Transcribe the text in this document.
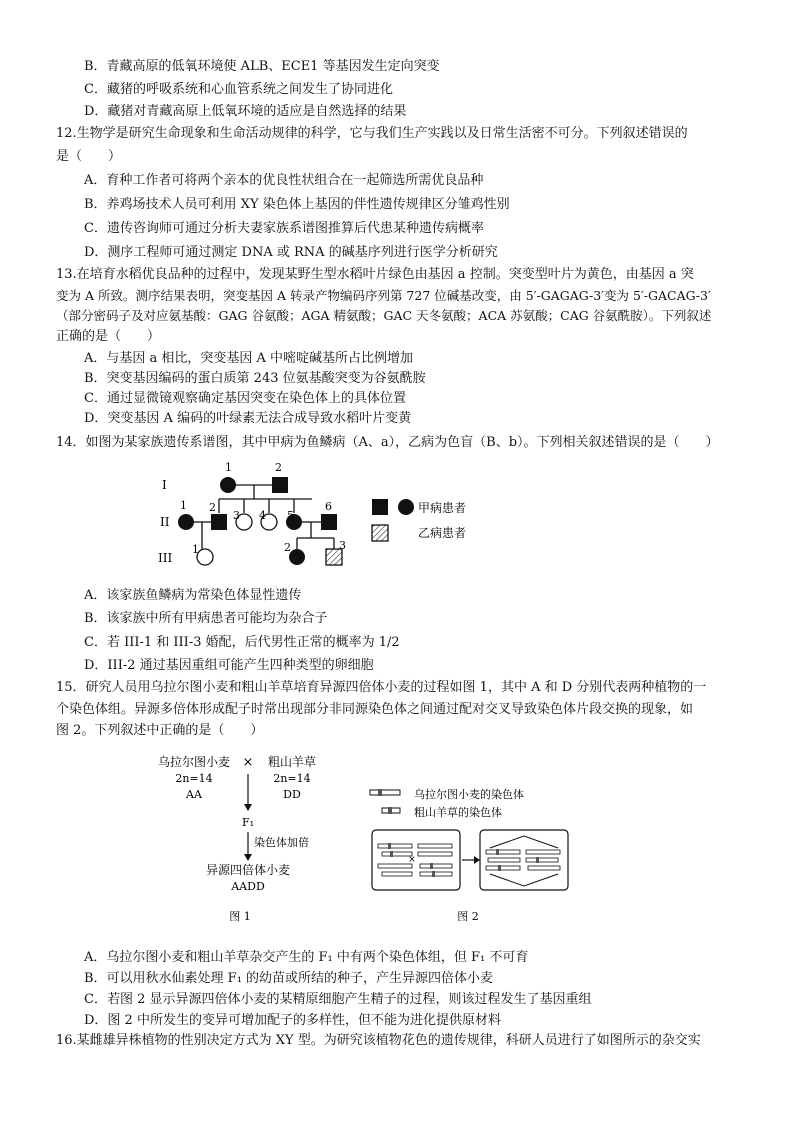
B．青藏高原的低氧环境使 ALB、ECE1 等基因发生定向突变
C．藏猪的呼吸系统和心血管系统之间发生了协同进化
D．藏猪对青藏高原上低氧环境的适应是自然选择的结果
12.生物学是研究生命现象和生命活动规律的科学，它与我们生产实践以及日常生活密不可分。下列叙述错误的
是（　　）
A．育种工作者可将两个亲本的优良性状组合在一起筛选所需优良品种
B．养鸡场技术人员可利用 XY 染色体上基因的伴性遗传规律区分雏鸡性别
C．遗传咨询师可通过分析夫妻家族系谱图推算后代患某种遗传病概率
D．测序工程师可通过测定 DNA 或 RNA 的碱基序列进行医学分析研究
13.在培育水稻优良品种的过程中，发现某野生型水稻叶片绿色由基因 a 控制。突变型叶片为黄色，由基因 a 突
变为 A 所致。测序结果表明，突变基因 A 转录产物编码序列第 727 位碱基改变，由 5′-GAGAG-3′变为 5′-GACAG-3′
（部分密码子及对应氨基酸：GAG 谷氨酸；AGA 精氨酸；GAC 天冬氨酸；ACA 苏氨酸；CAG 谷氨酰胺）。下列叙述
正确的是（　　）
A．与基因 a 相比，突变基因 A 中嘧啶碱基所占比例增加
B．突变基因编码的蛋白质第 243 位氨基酸突变为谷氨酰胺
C．通过显微镜观察确定基因突变在染色体上的具体位置
D．突变基因 A 编码的叶绿素无法合成导致水稻叶片变黄
14．如图为某家族遗传系谱图，其中甲病为鱼鳞病（A、a），乙病为色盲（B、b）。下列相关叙述错误的是（　　）
I
II
III
1	2
1 2
3 4 5
6
1	2	3
甲病患者
乙病患者
A．该家族鱼鳞病为常染色体显性遗传
B．该家族中所有甲病患者可能均为杂合子
C．若 III-1 和 III-3 婚配，后代男性正常的概率为 1/2
D．III-2 通过基因重组可能产生四种类型的卵细胞
15．研究人员用乌拉尔图小麦和粗山羊草培育异源四倍体小麦的过程如图 1，其中 A 和 D 分别代表两种植物的一
个染色体组。异源多倍体形成配子时常出现部分非同源染色体之间通过配对交叉导致染色体片段交换的现象，如
图 2。下列叙述中正确的是（　　）
乌拉尔图小麦
2n=14
AA
× 粗山羊草
2n=14
DD
F₁
染色体加倍
异源四倍体小麦
AADD
图 1
乌拉尔图小麦的染色体
粗山羊草的染色体
×
图 2
A．乌拉尔图小麦和粗山羊草杂交产生的 F₁ 中有两个染色体组，但 F₁ 不可育
B．可以用秋水仙素处理 F₁ 的幼苗或所结的种子，产生异源四倍体小麦
C．若图 2 显示异源四倍体小麦的某精原细胞产生精子的过程，则该过程发生了基因重组
D．图 2 中所发生的变异可增加配子的多样性，但不能为进化提供原材料
16.某雌雄异株植物的性别决定方式为 XY 型。为研究该植物花色的遗传规律，科研人员进行了如图所示的杂交实
